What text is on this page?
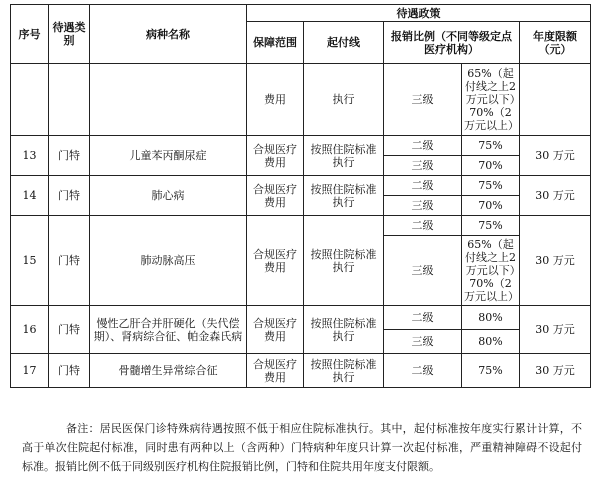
序号	待遇类别	病种名称	待遇政策				
			保障范围	起付线	报销比例（不同等级定点医疗机构）		年度限额（元）
			费用	执行	三级	65%（起付线之上2万元以下）70%（2万元以上）	
13	门特	儿童苯丙酮尿症	合规医疗费用	按照住院标准执行	二级	75%	30 万元
					三级	70%	
14	门特	肺心病	合规医疗费用	按照住院标准执行	二级	75%	30 万元
					三级	70%	
15	门特	肺动脉高压	合规医疗费用	按照住院标准执行	二级	75%	30 万元
					三级	65%（起付线之上2万元以下）70%（2万元以上）	
16	门特	慢性乙肝合并肝硬化（失代偿期）、肾病综合征、帕金森氏病	合规医疗费用	按照住院标准执行	二级	80%	30 万元
					三级	80%	
17	门特	骨髓增生异常综合征	合规医疗费用	按照住院标准执行	二级	75%	30 万元

备注：居民医保门诊特殊病待遇按照不低于相应住院标准执行。其中，起付标准按年度实行累计计算，不高于单次住院起付标准，同时患有两种以上（含两种）门特病种年度只计算一次起付标准，严重精神障碍不设起付标准。报销比例不低于同级别医疗机构住院报销比例，门特和住院共用年度支付限额。
